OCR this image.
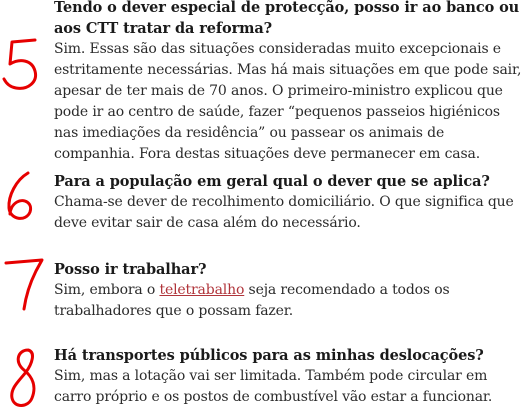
Tendo o dever especial de protecção, posso ir ao banco ou aos CTT tratar da reforma?
Sim. Essas são das situações consideradas muito excepcionais e estritamente necessárias. Mas há mais situações em que pode sair, apesar de ter mais de 70 anos. O primeiro-ministro explicou que pode ir ao centro de saúde, fazer “pequenos passeios higiénicos nas imediações da residência” ou passear os animais de companhia. Fora destas situações deve permanecer em casa.
Para a população em geral qual o dever que se aplica?
Chama-se dever de recolhimento domiciliário. O que significa que deve evitar sair de casa além do necessário.
Posso ir trabalhar?
Sim, embora o teletrabalho seja recomendado a todos os trabalhadores que o possam fazer.
Há transportes públicos para as minhas deslocações?
Sim, mas a lotação vai ser limitada. Também pode circular em carro próprio e os postos de combustível vão estar a funcionar.
